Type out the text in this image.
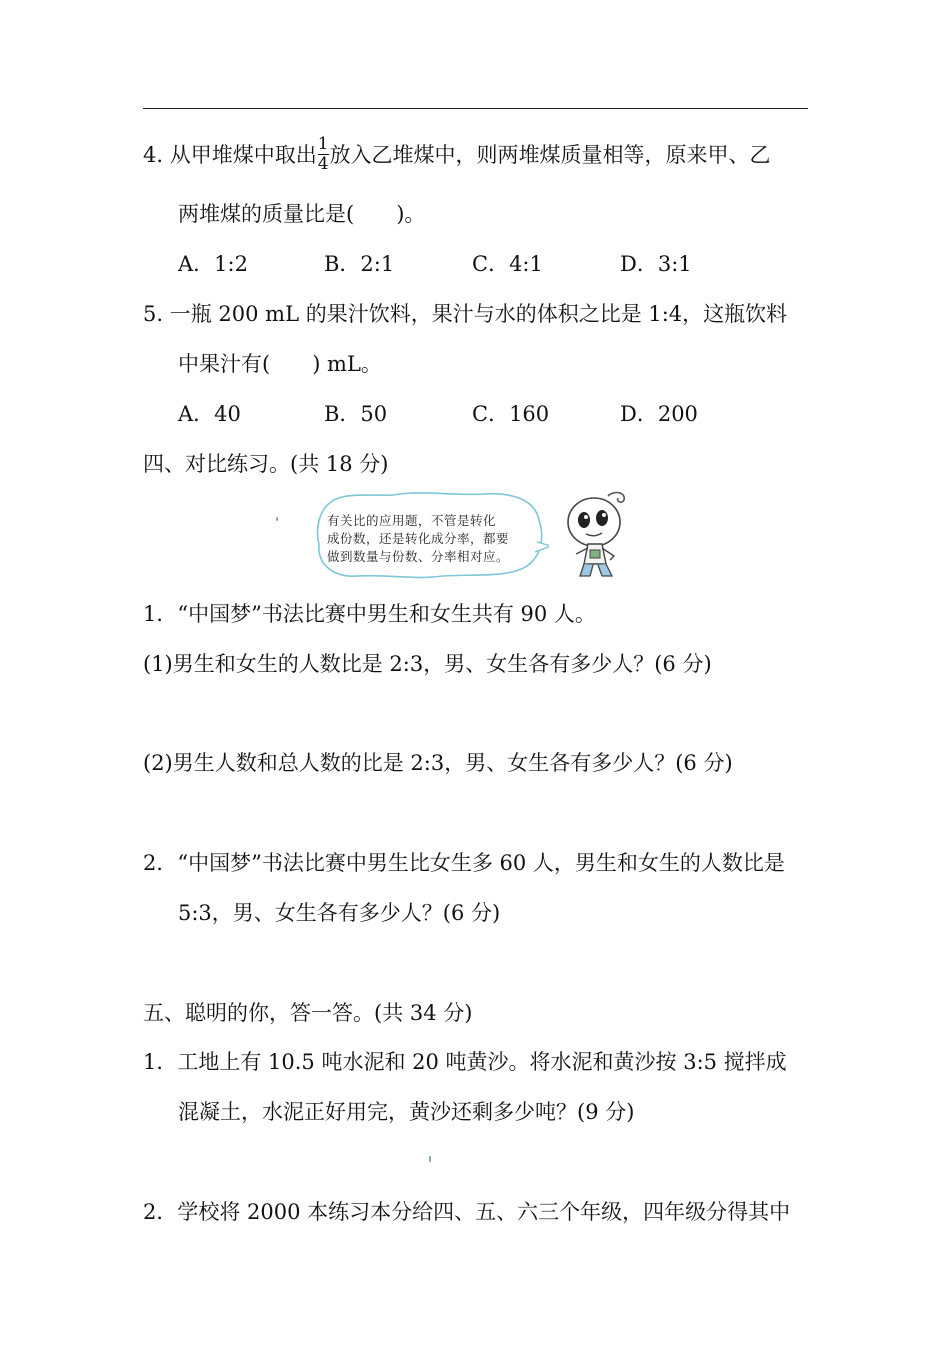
4. 从甲堆煤中取出 $\frac{1}{4}$ 放入乙堆煤中，则两堆煤质量相等，原来甲、乙
两堆煤的质量比是(　　)。
A．1:2	B．2:1	C．4:1	D．3:1
5. 一瓶 200 mL 的果汁饮料，果汁与水的体积之比是 1:4，这瓶饮料
中果汁有(　　) mL。
A．40	B．50	C．160	D．200
四、对比练习。(共 18 分)
有关比的应用题，不管是转化
成份数，还是转化成分率，都要
做到数量与份数、分率相对应。
1．“中国梦”书法比赛中男生和女生共有 90 人。
(1)男生和女生的人数比是 2:3，男、女生各有多少人？(6 分)
(2)男生人数和总人数的比是 2:3，男、女生各有多少人？(6 分)
2．“中国梦”书法比赛中男生比女生多 60 人，男生和女生的人数比是
5:3，男、女生各有多少人？(6 分)
五、聪明的你，答一答。(共 34 分)
1．工地上有 10.5 吨水泥和 20 吨黄沙。将水泥和黄沙按 3:5 搅拌成
混凝土，水泥正好用完，黄沙还剩多少吨？(9 分)
2．学校将 2000 本练习本分给四、五、六三个年级，四年级分得其中
